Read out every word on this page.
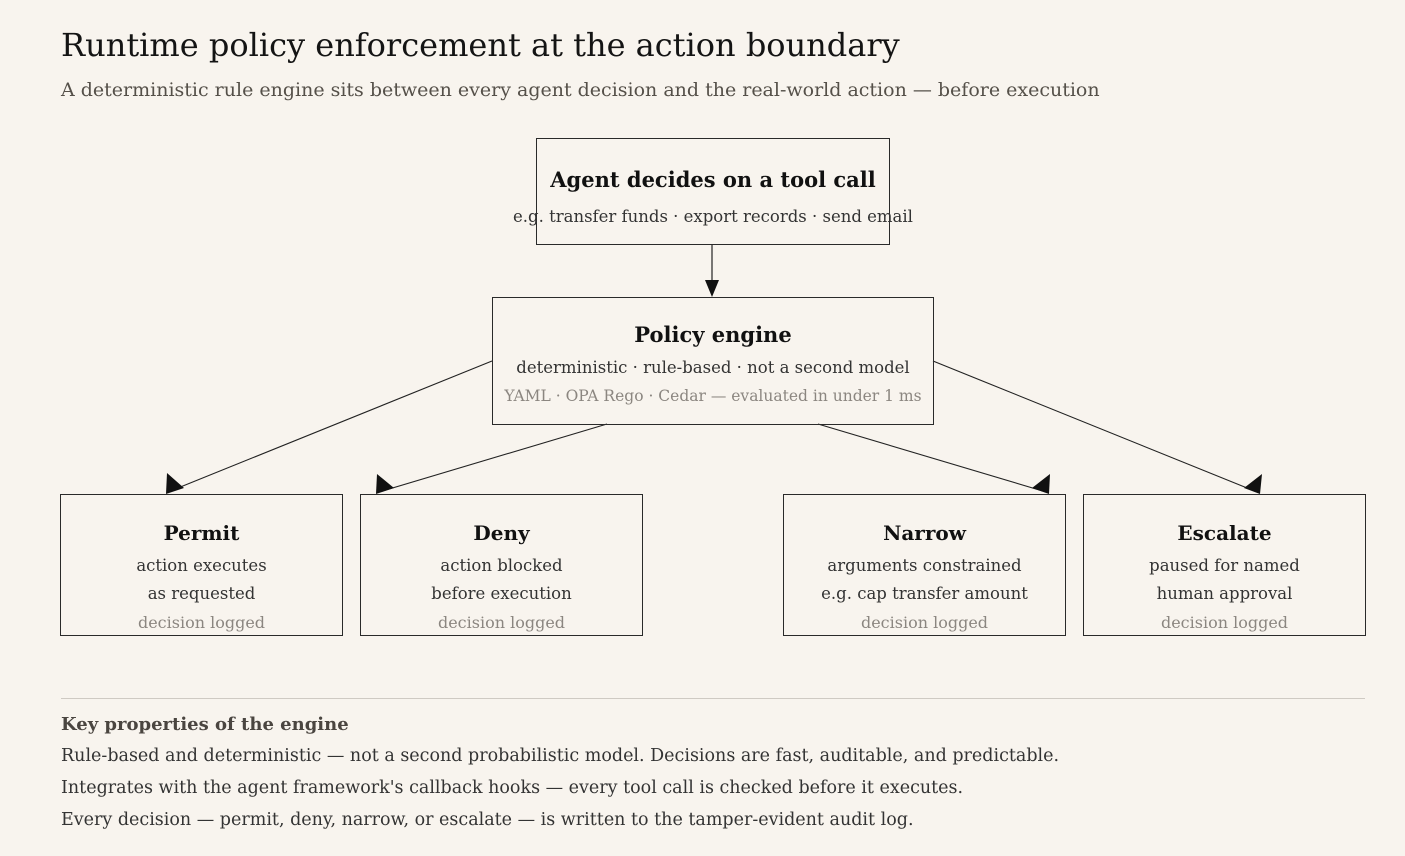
Runtime policy enforcement at the action boundary

A deterministic rule engine sits between every agent decision and the real-world action — before execution

Agent decides on a tool call
e.g. transfer funds · export records · send email
Policy engine
deterministic · rule-based · not a second model
YAML · OPA Rego · Cedar — evaluated in under 1 ms
Permit
action executes
as requested
decision logged
Deny
action blocked
before execution
decision logged
Narrow
arguments constrained
e.g. cap transfer amount
decision logged
Escalate
paused for named
human approval
decision logged
Key properties of the engine
Rule-based and deterministic — not a second probabilistic model. Decisions are fast, auditable, and predictable.
Integrates with the agent framework's callback hooks — every tool call is checked before it executes.
Every decision — permit, deny, narrow, or escalate — is written to the tamper-evident audit log.
